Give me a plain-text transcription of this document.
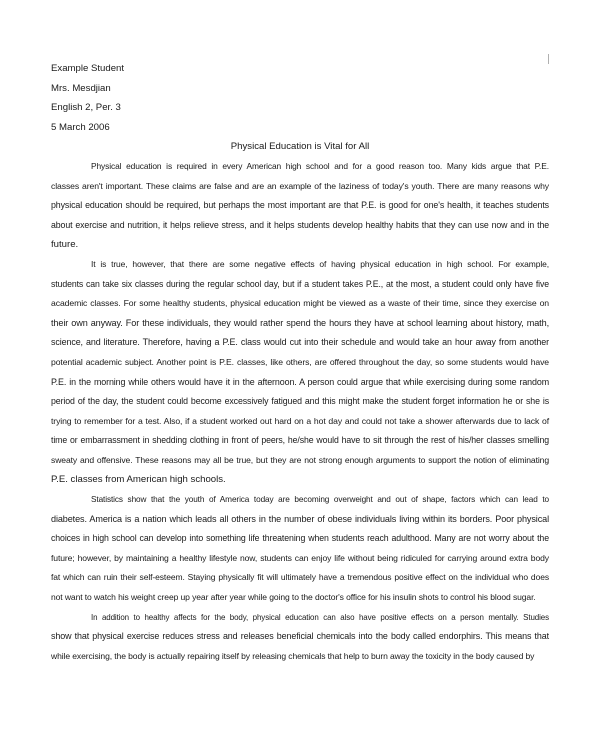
Example Student

Mrs. Mesdjian

English 2, Per. 3

5 March 2006

Physical Education is Vital for All

Physical education is required in every American high school and for a good reason too. Many kids argue that P.E.
classes aren't important. These claims are false and are an example of the laziness of today's youth. There are many reasons why
physical education should be required, but perhaps the most important are that P.E. is good for one's health, it teaches students
about exercise and nutrition, it helps relieve stress, and it helps students develop healthy habits that they can use now and in the
future.

It is true, however, that there are some negative effects of having physical education in high school. For example,
students can take six classes during the regular school day, but if a student takes P.E., at the most, a student could only have five
academic classes. For some healthy students, physical education might be viewed as a waste of their time, since they exercise on
their own anyway. For these individuals, they would rather spend the hours they have at school learning about history, math,
science, and literature. Therefore, having a P.E. class would cut into their schedule and would take an hour away from another
potential academic subject. Another point is P.E. classes, like others, are offered throughout the day, so some students would have
P.E. in the morning while others would have it in the afternoon. A person could argue that while exercising during some random
period of the day, the student could become excessively fatigued and this might make the student forget information he or she is
trying to remember for a test. Also, if a student worked out hard on a hot day and could not take a shower afterwards due to lack of
time or embarrassment in shedding clothing in front of peers, he/she would have to sit through the rest of his/her classes smelling
sweaty and offensive. These reasons may all be true, but they are not strong enough arguments to support the notion of eliminating
P.E. classes from American high schools.

Statistics show that the youth of America today are becoming overweight and out of shape, factors which can lead to
diabetes. America is a nation which leads all others in the number of obese individuals living within its borders. Poor physical
choices in high school can develop into something life threatening when students reach adulthood. Many are not worry about the
future; however, by maintaining a healthy lifestyle now, students can enjoy life without being ridiculed for carrying around extra body
fat which can ruin their self-esteem. Staying physically fit will ultimately have a tremendous positive effect on the individual who does
not want to watch his weight creep up year after year while going to the doctor's office for his insulin shots to control his blood sugar.

In addition to healthy affects for the body, physical education can also have positive effects on a person mentally. Studies
show that physical exercise reduces stress and releases beneficial chemicals into the body called endorphirs. This means that
while exercising, the body is actually repairing itself by releasing chemicals that help to burn away the toxicity in the body caused by
